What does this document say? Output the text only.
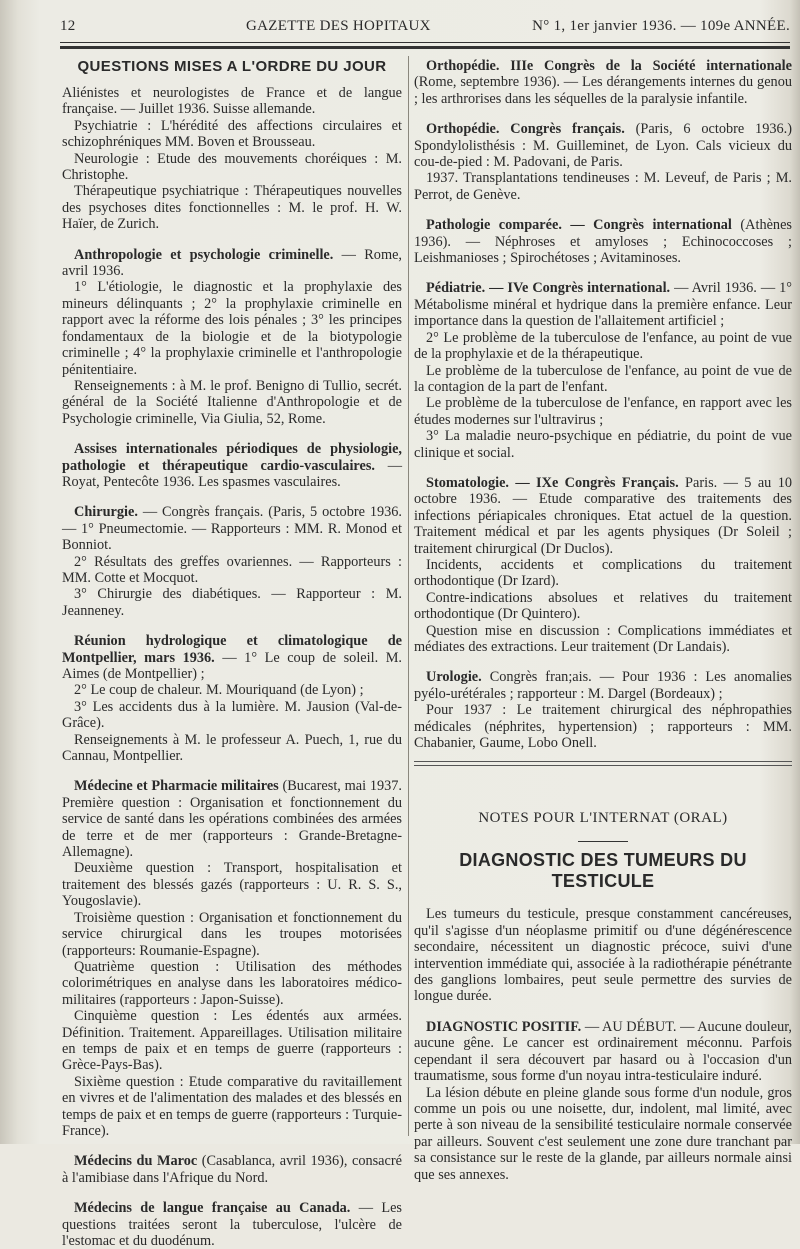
12	GAZETTE DES HOPITAUX	N° 1, 1er janvier 1936. — 109e ANNÉE.
QUESTIONS MISES A L'ORDRE DU JOUR

Aliénistes et neurologistes de France et de langue française. — Juillet 1936. Suisse allemande.

Psychiatrie : L'hérédité des affections circulaires et schizophréniques MM. Boven et Brousseau.

Neurologie : Etude des mouvements choréiques : M. Christophe.

Thérapeutique psychiatrique : Thérapeutiques nouvelles des psychoses dites fonctionnelles : M. le prof. H. W. Haïer, de Zurich.

Anthropologie et psychologie criminelle. — Rome, avril 1936.

1° L'étiologie, le diagnostic et la prophylaxie des mineurs délinquants ; 2° la prophylaxie criminelle en rapport avec la réforme des lois pénales ; 3° les principes fondamentaux de la biologie et de la biotypologie criminelle ; 4° la prophylaxie criminelle et l'anthropologie pénitentiaire.

Renseignements : à M. le prof. Benigno di Tullio, secrét. général de la Société Italienne d'Anthropologie et de Psychologie criminelle, Via Giulia, 52, Rome.

Assises internationales périodiques de physiologie, pathologie et thérapeutique cardio-vasculaires. — Royat, Pentecôte 1936. Les spasmes vasculaires.

Chirurgie. — Congrès français. (Paris, 5 octobre 1936. — 1° Pneumectomie. — Rapporteurs : MM. R. Monod et Bonniot.

2° Résultats des greffes ovariennes. — Rapporteurs : MM. Cotte et Mocquot.

3° Chirurgie des diabétiques. — Rapporteur : M. Jeanneney.

Réunion hydrologique et climatologique de Montpellier, mars 1936. — 1° Le coup de soleil. M. Aimes (de Montpellier) ;

2° Le coup de chaleur. M. Mouriquand (de Lyon) ;

3° Les accidents dus à la lumière. M. Jausion (Val-de-Grâce).

Renseignements à M. le professeur A. Puech, 1, rue du Cannau, Montpellier.

Médecine et Pharmacie militaires (Bucarest, mai 1937. Première question : Organisation et fonctionnement du service de santé dans les opérations combinées des armées de terre et de mer (rapporteurs : Grande-Bretagne-Allemagne).

Deuxième question : Transport, hospitalisation et traitement des blessés gazés (rapporteurs : U. R. S. S., Yougoslavie).

Troisième question : Organisation et fonctionnement du service chirurgical dans les troupes motorisées (rapporteurs: Roumanie-Espagne).

Quatrième question : Utilisation des méthodes colorimétriques en analyse dans les laboratoires médico-militaires (rapporteurs : Japon-Suisse).

Cinquième question : Les édentés aux armées. Définition. Traitement. Appareillages. Utilisation militaire en temps de paix et en temps de guerre (rapporteurs : Grèce-Pays-Bas).

Sixième question : Etude comparative du ravitaillement en vivres et de l'alimentation des malades et des blessés en temps de paix et en temps de guerre (rapporteurs : Turquie-France).

Médecins du Maroc (Casablanca, avril 1936), consacré à l'amibiase dans l'Afrique du Nord.

Médecins de langue française au Canada. — Les questions traitées seront la tuberculose, l'ulcère de l'estomac et du duodénum.

Orthopédie. IIIe Congrès de la Société internationale (Rome, septembre 1936). — Les dérangements internes du genou ; les arthrorises dans les séquelles de la paralysie infantile.

Orthopédie. Congrès français. (Paris, 6 octobre 1936.) Spondylolisthésis : M. Guilleminet, de Lyon. Cals vicieux du cou-de-pied : M. Padovani, de Paris.

1937. Transplantations tendineuses : M. Leveuf, de Paris ; M. Perrot, de Genève.

Pathologie comparée. — Congrès international (Athènes 1936). — Néphroses et amyloses ; Echinococcoses ; Leishmanioses ; Spirochétoses ; Avitaminoses.

Pédiatrie. — IVe Congrès international. — Avril 1936. — 1° Métabolisme minéral et hydrique dans la première enfance. Leur importance dans la question de l'allaitement artificiel ;

2° Le problème de la tuberculose de l'enfance, au point de vue de la prophylaxie et de la thérapeutique.

Le problème de la tuberculose de l'enfance, au point de vue de la contagion de la part de l'enfant.

Le problème de la tuberculose de l'enfance, en rapport avec les études modernes sur l'ultravirus ;

3° La maladie neuro-psychique en pédiatrie, du point de vue clinique et social.

Stomatologie. — IXe Congrès Français. Paris. — 5 au 10 octobre 1936. — Etude comparative des traitements des infections périapicales chroniques. Etat actuel de la question. Traitement médical et par les agents physiques (Dr Soleil ; traitement chirurgical (Dr Duclos).

Incidents, accidents et complications du traitement orthodontique (Dr Izard).

Contre-indications absolues et relatives du traitement orthodontique (Dr Quintero).

Question mise en discussion : Complications immédiates et médiates des extractions. Leur traitement (Dr Landais).

Urologie. Congrès fran;ais. — Pour 1936 : Les anomalies pyélo-urétérales ; rapporteur : M. Dargel (Bordeaux) ;

Pour 1937 : Le traitement chirurgical des néphropathies médicales (néphrites, hypertension) ; rapporteurs : MM. Chabanier, Gaume, Lobo Onell.

NOTES POUR L'INTERNAT (ORAL)
DIAGNOSTIC DES TUMEURS DU TESTICULE

Les tumeurs du testicule, presque constamment cancéreuses, qu'il s'agisse d'un néoplasme primitif ou d'une dégénérescence secondaire, nécessitent un diagnostic précoce, suivi d'une intervention immédiate qui, associée à la radiothérapie pénétrante des ganglions lombaires, peut seule permettre des survies de longue durée.

DIAGNOSTIC POSITIF. — AU DÉBUT. — Aucune douleur, aucune gêne. Le cancer est ordinairement méconnu. Parfois cependant il sera découvert par hasard ou à l'occasion d'un traumatisme, sous forme d'un noyau intra-testiculaire induré.

La lésion débute en pleine glande sous forme d'un nodule, gros comme un pois ou une noisette, dur, indolent, mal limité, avec perte à son niveau de la sensibilité testiculaire normale conservée par ailleurs. Souvent c'est seulement une zone dure tranchant par sa consistance sur le reste de la glande, par ailleurs normale ainsi que ses annexes.
